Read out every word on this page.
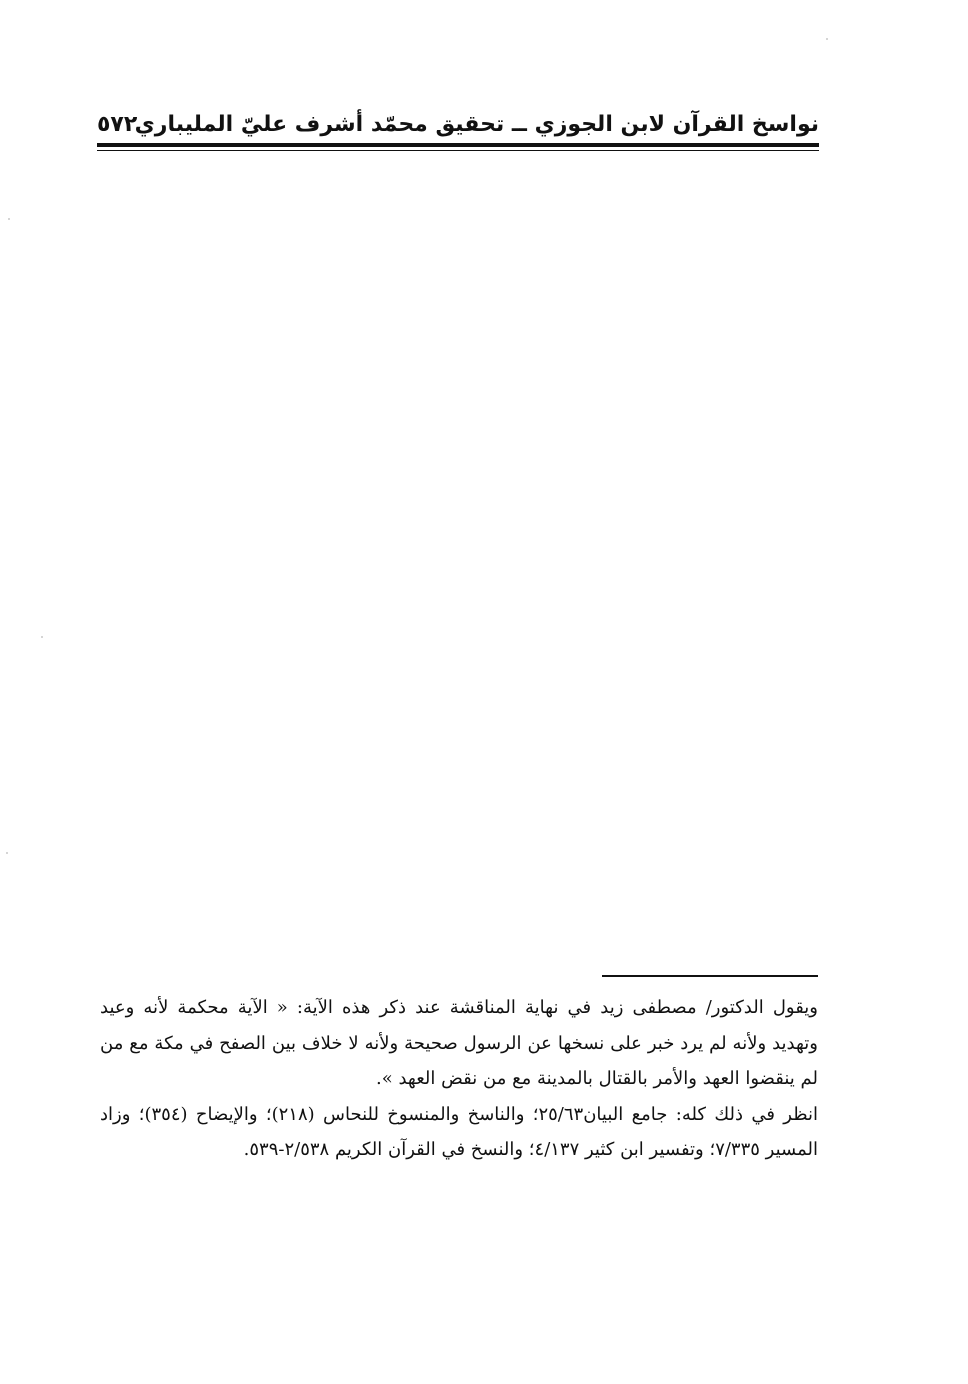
نواسخ القرآن لابن الجوزي ــ تحقيق محمّد أشرف عليّ المليباري
٥٧٢

ويقول الدكتور/ مصطفى زيد في نهاية المناقشة عند ذكر هذه الآية: « الآية محكمة لأنه وعيد وتهديد ولأنه لم يرد خبر على نسخها عن الرسول صحيحة ولأنه لا خلاف بين الصفح في مكة مع من لم ينقضوا العهد والأمر بالقتال بالمدينة مع من نقض العهد ».

انظر في ذلك كله: جامع البيان٢٥/٦٣؛ والناسخ والمنسوخ للنحاس (٢١٨)؛ والإيضاح (٣٥٤)؛ وزاد المسير ٧/٣٣٥؛ وتفسير ابن كثير ٤/١٣٧؛ والنسخ في القرآن الكريم ٢/٥٣٨-٥٣٩.
